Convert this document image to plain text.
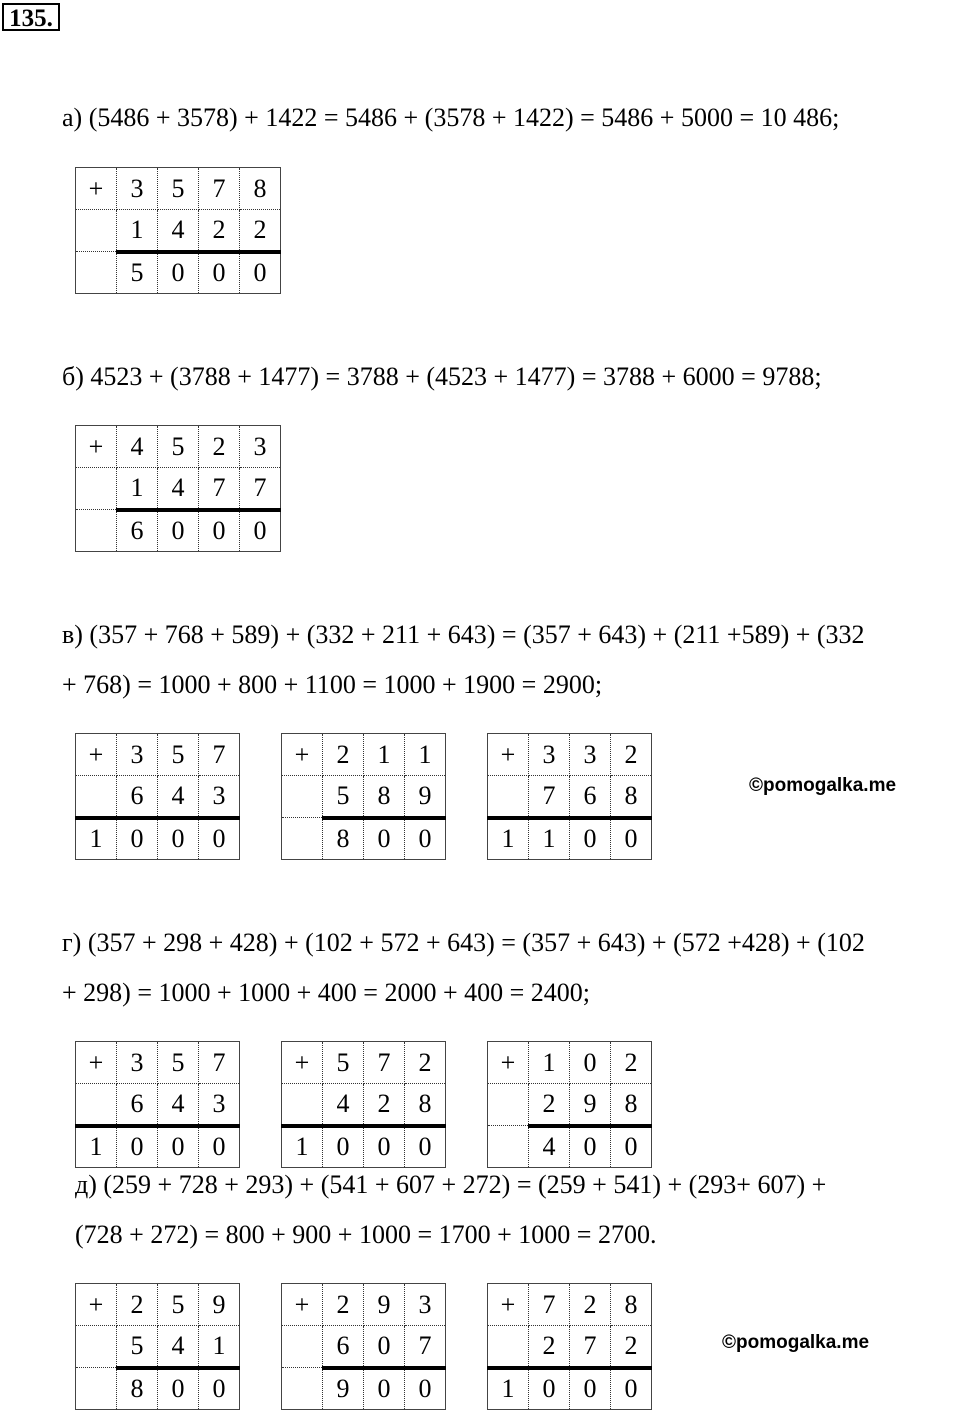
135.
а) (5486 + 3578) + 1422 = 5486 + (3578 + 1422) = 5486 + 5000 = 10 486;
+	3	5	7	8
	1	4	2	2
	5	0	0	0
б) 4523 + (3788 + 1477) = 3788 + (4523 + 1477) = 3788 + 6000 = 9788;
+	4	5	2	3
	1	4	7	7
	6	0	0	0
в) (357 + 768 + 589) + (332 + 211 + 643) = (357 + 643) + (211 +589) + (332
+ 768) = 1000 + 800 + 1100 = 1000 + 1900 = 2900;
+	3	5	7
	6	4	3
1	0	0	0
+	2	1	1
	5	8	9
	8	0	0
+	3	3	2
	7	6	8
1	1	0	0
©pomogalka.me
г) (357 + 298 + 428) + (102 + 572 + 643) = (357 + 643) + (572 +428) + (102
+ 298) = 1000 + 1000 + 400 = 2000 + 400 = 2400;
+	3	5	7
	6	4	3
1	0	0	0
+	5	7	2
	4	2	8
1	0	0	0
+	1	0	2
	2	9	8
	4	0	0
д) (259 + 728 + 293) + (541 + 607 + 272) = (259 + 541) + (293+ 607) +
(728 + 272) = 800 + 900 + 1000 = 1700 + 1000 = 2700.
+	2	5	9
	5	4	1
	8	0	0
+	2	9	3
	6	0	7
	9	0	0
+	7	2	8
	2	7	2
1	0	0	0
©pomogalka.me
